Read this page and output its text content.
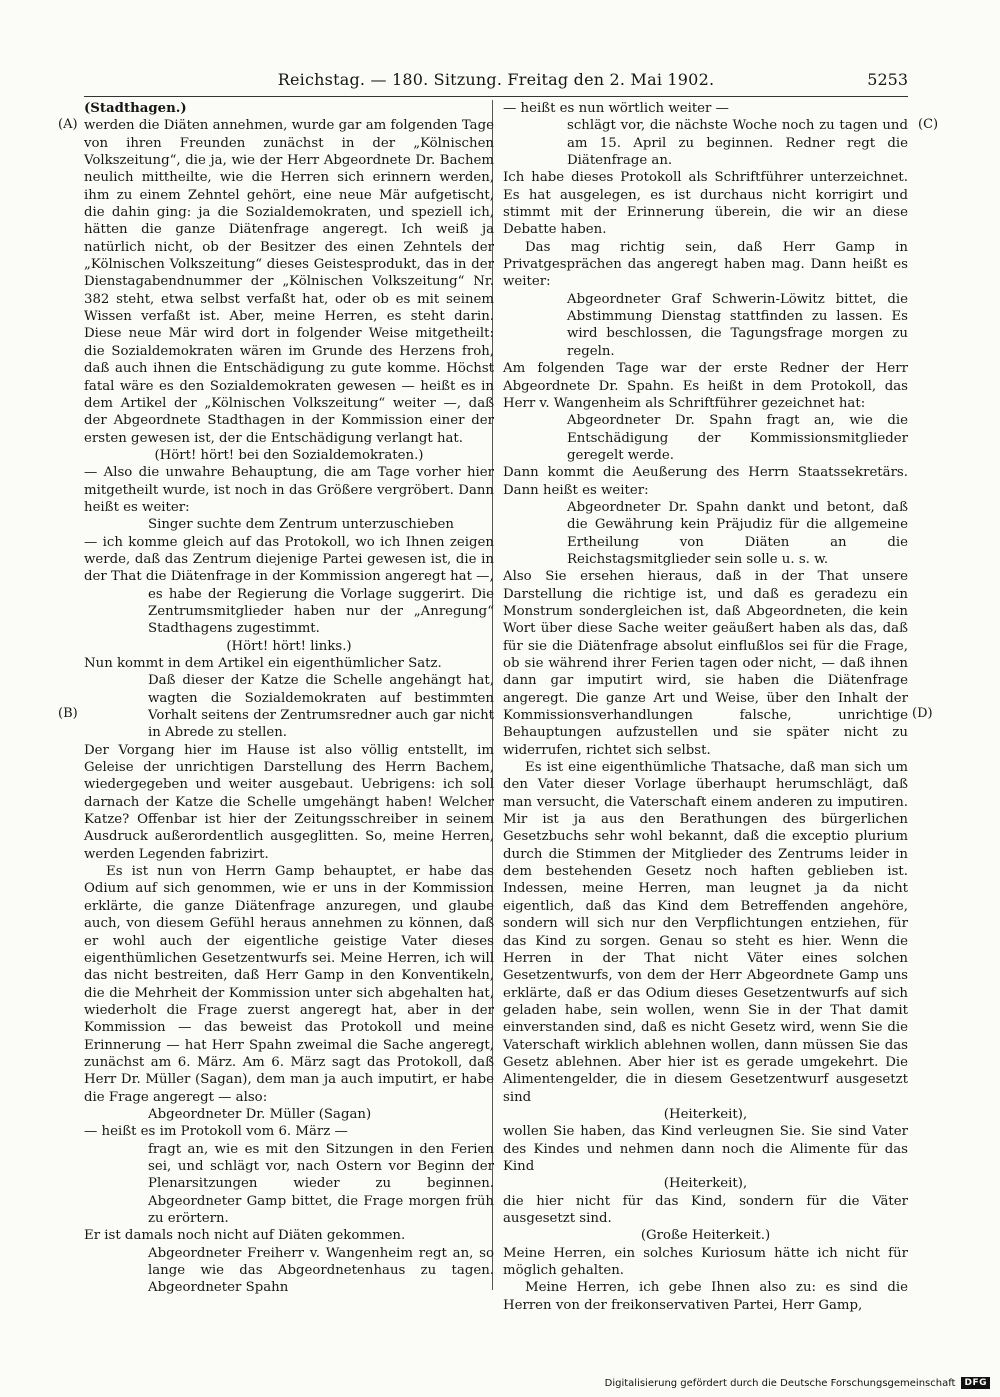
Reichstag. — 180. Sitzung. Freitag den 2. Mai 1902.	5253
(A)
(B)
(C)
(D)

(Stadthagen.)

werden die Diäten annehmen, wurde gar am folgenden Tage von ihren Freunden zunächst in der „Kölnischen Volkszeitung“, die ja, wie der Herr Abgeordnete Dr. Bachem neulich mittheilte, wie die Herren sich erinnern werden, ihm zu einem Zehntel gehört, eine neue Mär aufgetischt, die dahin ging: ja die Sozialdemokraten, und speziell ich, hätten die ganze Diätenfrage angeregt. Ich weiß ja natürlich nicht, ob der Besitzer des einen Zehntels der „Kölnischen Volkszeitung“ dieses Geistesprodukt, das in der Dienstagabendnummer der „Kölnischen Volkszeitung“ Nr. 382 steht, etwa selbst verfaßt hat, oder ob es mit seinem Wissen verfaßt ist. Aber, meine Herren, es steht darin. Diese neue Mär wird dort in folgender Weise mitgetheilt: die Sozialdemokraten wären im Grunde des Herzens froh, daß auch ihnen die Entschädigung zu gute komme. Höchst fatal wäre es den Sozialdemokraten gewesen — heißt es in dem Artikel der „Kölnischen Volkszeitung“ weiter —, daß der Abgeordnete Stadthagen in der Kommission einer der ersten gewesen ist, der die Entschädigung verlangt hat.

(Hört! hört! bei den Sozialdemokraten.)

— Also die unwahre Behauptung, die am Tage vorher hier mitgetheilt wurde, ist noch in das Größere vergröbert. Dann heißt es weiter:

Singer suchte dem Zentrum unterzuschieben

— ich komme gleich auf das Protokoll, wo ich Ihnen zeigen werde, daß das Zentrum diejenige Partei gewesen ist, die in der That die Diätenfrage in der Kommission angeregt hat —,

es habe der Regierung die Vorlage suggerirt. Die Zentrumsmitglieder haben nur der „Anregung“ Stadthagens zugestimmt.

(Hört! hört! links.)

Nun kommt in dem Artikel ein eigenthümlicher Satz.

Daß dieser der Katze die Schelle angehängt hat, wagten die Sozialdemokraten auf bestimmten Vorhalt seitens der Zentrumsredner auch gar nicht in Abrede zu stellen.

Der Vorgang hier im Hause ist also völlig entstellt, im Geleise der unrichtigen Darstellung des Herrn Bachem, wiedergegeben und weiter ausgebaut. Uebrigens: ich soll darnach der Katze die Schelle umgehängt haben! Welcher Katze? Offenbar ist hier der Zeitungsschreiber in seinem Ausdruck außerordentlich ausgeglitten. So, meine Herren, werden Legenden fabrizirt.

Es ist nun von Herrn Gamp behauptet, er habe das Odium auf sich genommen, wie er uns in der Kommission erklärte, die ganze Diätenfrage anzuregen, und glaube auch, von diesem Gefühl heraus annehmen zu können, daß er wohl auch der eigentliche geistige Vater dieses eigenthümlichen Gesetzentwurfs sei. Meine Herren, ich will das nicht bestreiten, daß Herr Gamp in den Konventikeln, die die Mehrheit der Kommission unter sich abgehalten hat, wiederholt die Frage zuerst angeregt hat, aber in der Kommission — das beweist das Protokoll und meine Erinnerung — hat Herr Spahn zweimal die Sache angeregt, zunächst am 6. März. Am 6. März sagt das Protokoll, daß Herr Dr. Müller (Sagan), dem man ja auch imputirt, er habe die Frage angeregt — also:

Abgeordneter Dr. Müller (Sagan)

— heißt es im Protokoll vom 6. März —

fragt an, wie es mit den Sitzungen in den Ferien sei, und schlägt vor, nach Ostern vor Beginn der Plenarsitzungen wieder zu beginnen. Abgeordneter Gamp bittet, die Frage morgen früh zu erörtern.

Er ist damals noch nicht auf Diäten gekommen.

Abgeordneter Freiherr v. Wangenheim regt an, so lange wie das Abgeordnetenhaus zu tagen. Abgeordneter Spahn

— heißt es nun wörtlich weiter —

schlägt vor, die nächste Woche noch zu tagen und am 15. April zu beginnen. Redner regt die Diätenfrage an.

Ich habe dieses Protokoll als Schriftführer unterzeichnet. Es hat ausgelegen, es ist durchaus nicht korrigirt und stimmt mit der Erinnerung überein, die wir an diese Debatte haben.

Das mag richtig sein, daß Herr Gamp in Privatgesprächen das angeregt haben mag. Dann heißt es weiter:

Abgeordneter Graf Schwerin-Löwitz bittet, die Abstimmung Dienstag stattfinden zu lassen. Es wird beschlossen, die Tagungsfrage morgen zu regeln.

Am folgenden Tage war der erste Redner der Herr Abgeordnete Dr. Spahn. Es heißt in dem Protokoll, das Herr v. Wangenheim als Schriftführer gezeichnet hat:

Abgeordneter Dr. Spahn fragt an, wie die Entschädigung der Kommissionsmitglieder geregelt werde.

Dann kommt die Aeußerung des Herrn Staatssekretärs. Dann heißt es weiter:

Abgeordneter Dr. Spahn dankt und betont, daß die Gewährung kein Präjudiz für die allgemeine Ertheilung von Diäten an die Reichstagsmitglieder sein solle u. s. w.

Also Sie ersehen hieraus, daß in der That unsere Darstellung die richtige ist, und daß es geradezu ein Monstrum sondergleichen ist, daß Abgeordneten, die kein Wort über diese Sache weiter geäußert haben als das, daß für sie die Diätenfrage absolut einflußlos sei für die Frage, ob sie während ihrer Ferien tagen oder nicht, — daß ihnen dann gar imputirt wird, sie haben die Diätenfrage angeregt. Die ganze Art und Weise, über den Inhalt der Kommissionsverhandlungen falsche, unrichtige Behauptungen aufzustellen und sie später nicht zu widerrufen, richtet sich selbst.

Es ist eine eigenthümliche Thatsache, daß man sich um den Vater dieser Vorlage überhaupt herumschlägt, daß man versucht, die Vaterschaft einem anderen zu imputiren. Mir ist ja aus den Berathungen des bürgerlichen Gesetzbuchs sehr wohl bekannt, daß die exceptio plurium durch die Stimmen der Mitglieder des Zentrums leider in dem bestehenden Gesetz noch haften geblieben ist. Indessen, meine Herren, man leugnet ja da nicht eigentlich, daß das Kind dem Betreffenden angehöre, sondern will sich nur den Verpflichtungen entziehen, für das Kind zu sorgen. Genau so steht es hier. Wenn die Herren in der That nicht Väter eines solchen Gesetzentwurfs, von dem der Herr Abgeordnete Gamp uns erklärte, daß er das Odium dieses Gesetzentwurfs auf sich geladen habe, sein wollen, wenn Sie in der That damit einverstanden sind, daß es nicht Gesetz wird, wenn Sie die Vaterschaft wirklich ablehnen wollen, dann müssen Sie das Gesetz ablehnen. Aber hier ist es gerade umgekehrt. Die Alimentengelder, die in diesem Gesetzentwurf ausgesetzt sind

(Heiterkeit),

wollen Sie haben, das Kind verleugnen Sie. Sie sind Vater des Kindes und nehmen dann noch die Alimente für das Kind

(Heiterkeit),

die hier nicht für das Kind, sondern für die Väter ausgesetzt sind.

(Große Heiterkeit.)

Meine Herren, ein solches Kuriosum hätte ich nicht für möglich gehalten.

Meine Herren, ich gebe Ihnen also zu: es sind die Herren von der freikonservativen Partei, Herr Gamp,

Digitalisierung gefördert durch die Deutsche Forschungsgemeinschaft	DFG
